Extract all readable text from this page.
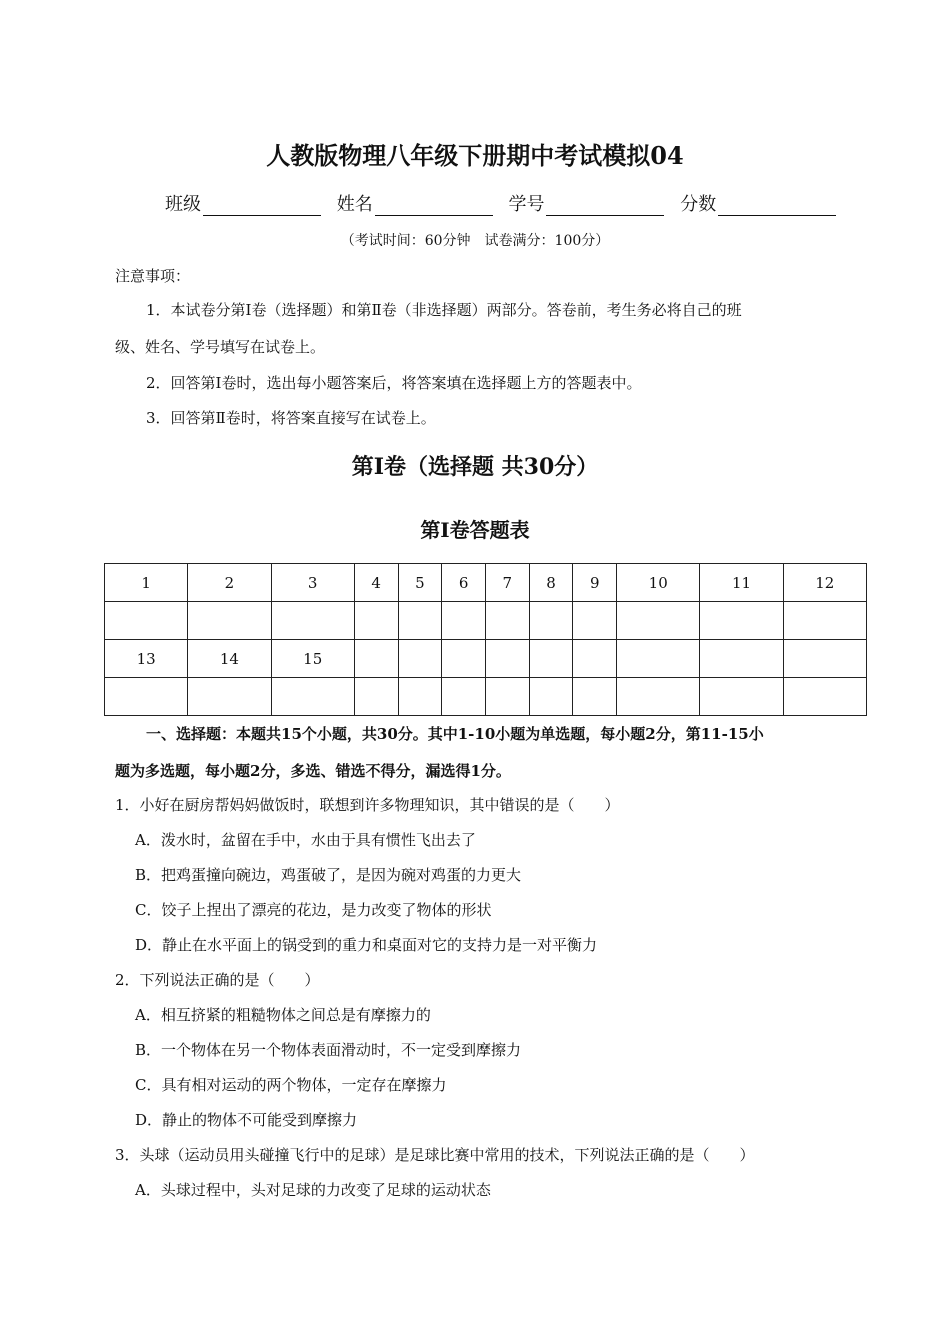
人教版物理八年级下册期中考试模拟04
班级	姓名	学号	分数
（考试时间：60分钟　试卷满分：100分）
注意事项：
1．本试卷分第Ⅰ卷（选择题）和第Ⅱ卷（非选择题）两部分。答卷前，考生务必将自己的班
级、姓名、学号填写在试卷上。
2．回答第Ⅰ卷时，选出每小题答案后，将答案填在选择题上方的答题表中。
3．回答第Ⅱ卷时，将答案直接写在试卷上。
第Ⅰ卷（选择题 共30分）
第Ⅰ卷答题表
1	2	3	4	5	6	7	8	9	10	11	12

13	14	15									

一、选择题：本题共15个小题，共30分。其中1-10小题为单选题，每小题2分，第11-15小
题为多选题，每小题2分，多选、错选不得分，漏选得1分。
1．小好在厨房帮妈妈做饭时，联想到许多物理知识，其中错误的是（　　）
A．泼水时，盆留在手中，水由于具有惯性飞出去了
B．把鸡蛋撞向碗边，鸡蛋破了，是因为碗对鸡蛋的力更大
C．饺子上捏出了漂亮的花边，是力改变了物体的形状
D．静止在水平面上的锅受到的重力和桌面对它的支持力是一对平衡力
2．下列说法正确的是（　　）
A．相互挤紧的粗糙物体之间总是有摩擦力的
B．一个物体在另一个物体表面滑动时，不一定受到摩擦力
C．具有相对运动的两个物体，一定存在摩擦力
D．静止的物体不可能受到摩擦力
3．头球（运动员用头碰撞飞行中的足球）是足球比赛中常用的技术，下列说法正确的是（　　）
A．头球过程中，头对足球的力改变了足球的运动状态
